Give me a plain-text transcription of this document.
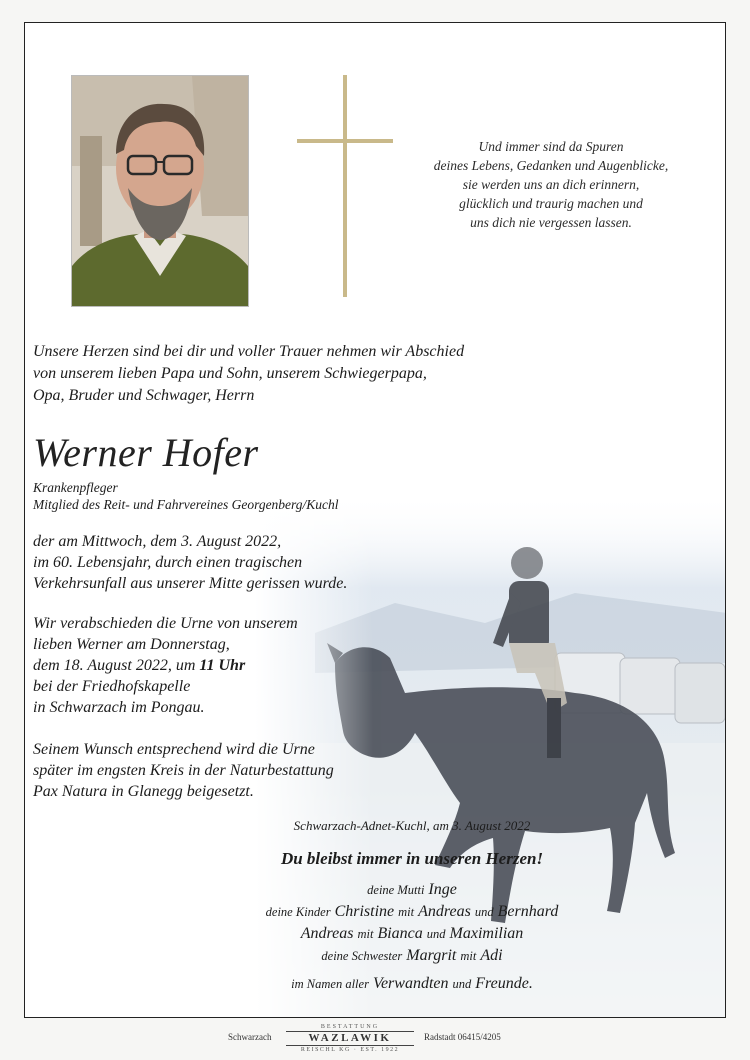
Und immer sind da Spuren
deines Lebens, Gedanken und Augenblicke,
sie werden uns an dich erinnern,
glücklich und traurig machen und
uns dich nie vergessen lassen.
Unsere Herzen sind bei dir und voller Trauer nehmen wir Abschied
von unserem lieben Papa und Sohn, unserem Schwiegerpapa,
Opa, Bruder und Schwager, Herrn
Werner Hofer
Krankenpfleger
Mitglied des Reit- und Fahrvereines Georgenberg/Kuchl
der am Mittwoch, dem 3. August 2022,
im 60. Lebensjahr, durch einen tragischen
Verkehrsunfall aus unserer Mitte gerissen wurde.
Wir verabschieden die Urne von unserem
lieben Werner am Donnerstag,
dem 18. August 2022, um 11 Uhr
bei der Friedhofskapelle
in Schwarzach im Pongau.
Seinem Wunsch entsprechend wird die Urne
später im engsten Kreis in der Naturbestattung
Pax Natura in Glanegg beigesetzt.
Schwarzach-Adnet-Kuchl, am 3. August 2022
Du bleibst immer in unseren Herzen!
deine Mutti Inge
deine Kinder Christine mit Andreas und Bernhard
Andreas mit Bianca und Maximilian
deine Schwester Margrit mit Adi
im Namen aller Verwandten und Freunde.
Schwarzach
BESTATTUNG
WAZLAWIK
REISCHL KG · EST. 1922
Radstadt 06415/4205
